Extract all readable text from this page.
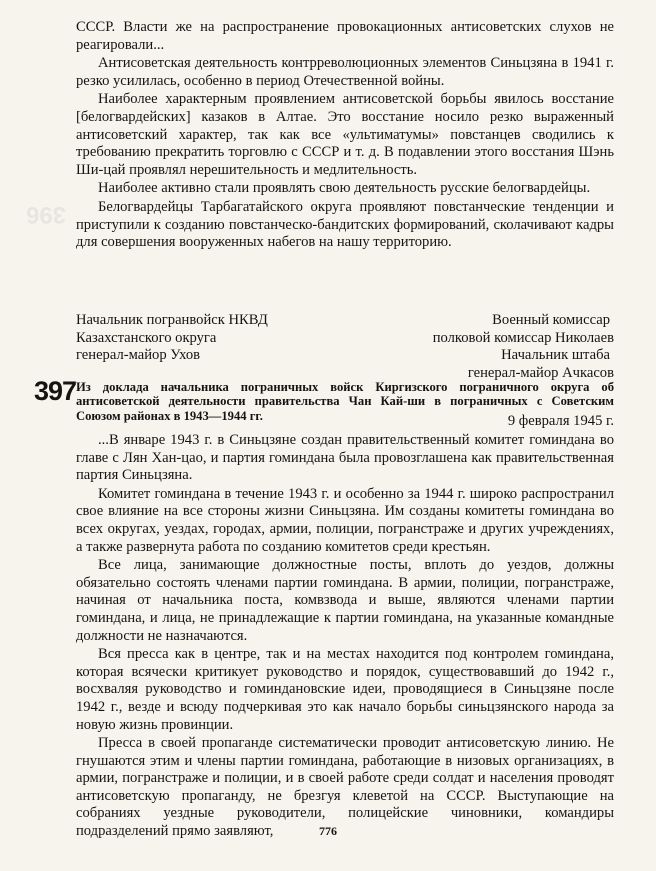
396

СССР. Власти же на распространение провокационных антисоветских слухов не реагировали...

Антисоветская деятельность контрреволюционных элементов Синьцзяна в 1941 г. резко усилилась, особенно в период Отечественной войны.

Наиболее характерным проявлением антисоветской борьбы явилось восстание [белогвардейских] казаков в Алтае. Это восстание носило резко выраженный антисоветский характер, так как все «ультиматумы» повстанцев сводились к требованию прекратить торговлю с СССР и т. д. В подавлении этого восстания Шэнь Ши-цай проявлял нерешительность и медлительность.

Наиболее активно стали проявлять свою деятельность русские белогвардейцы.

Белогвардейцы Тарбагатайского округа проявляют повстанческие тенденции и приступили к созданию повстанческо-бандитских формирований, сколачивают кадры для совершения вооруженных набегов на нашу территорию.

Начальник погранвойск НКВД	Военный комиссар
Казахстанского округа	полковой комиссар Николаев
генерал-майор Ухов	Начальник штаба
генерал-майор Ачкасов
397 Из доклада начальника пограничных войск Киргизского пограничного округа об антисоветской деятельности правительства Чан Кай-ши в пограничных с Советским Союзом районах в 1943—1944 гг.	9 февраля 1945 г.

...В январе 1943 г. в Синьцзяне создан правительственный комитет гоминдана во главе с Лян Хан-цао, и партия гоминдана была провозглашена как правительственная партия Синьцзяна.

Комитет гоминдана в течение 1943 г. и особенно за 1944 г. широко распространил свое влияние на все стороны жизни Синьцзяна. Им созданы комитеты гоминдана во всех округах, уездах, городах, армии, полиции, погранстраже и других учреждениях, а также развернута работа по созданию комитетов среди крестьян.

Все лица, занимающие должностные посты, вплоть до уездов, должны обязательно состоять членами партии гоминдана. В армии, полиции, погранстраже, начиная от начальника поста, комвзвода и выше, являются членами партии гоминдана, и лица, не принадлежащие к партии гоминдана, на указанные командные должности не назначаются.

Вся пресса как в центре, так и на местах находится под контролем гоминдана, которая всячески критикует руководство и порядок, существовавший до 1942 г., восхваляя руководство и гоминдановские идеи, проводящиеся в Синьцзяне после 1942 г., везде и всюду подчеркивая это как начало борьбы синьцзянского народа за новую жизнь провинции.

Пресса в своей пропаганде систематически проводит антисоветскую линию. Не гнушаются этим и члены партии гоминдана, работающие в низовых организациях, в армии, погранстраже и полиции, и в своей работе среди солдат и населения проводят антисоветскую пропаганду, не брезгуя клеветой на СССР. Выступающие на собраниях уездные руководители, полицейские чиновники, командиры подразделений прямо заявляют,	776
